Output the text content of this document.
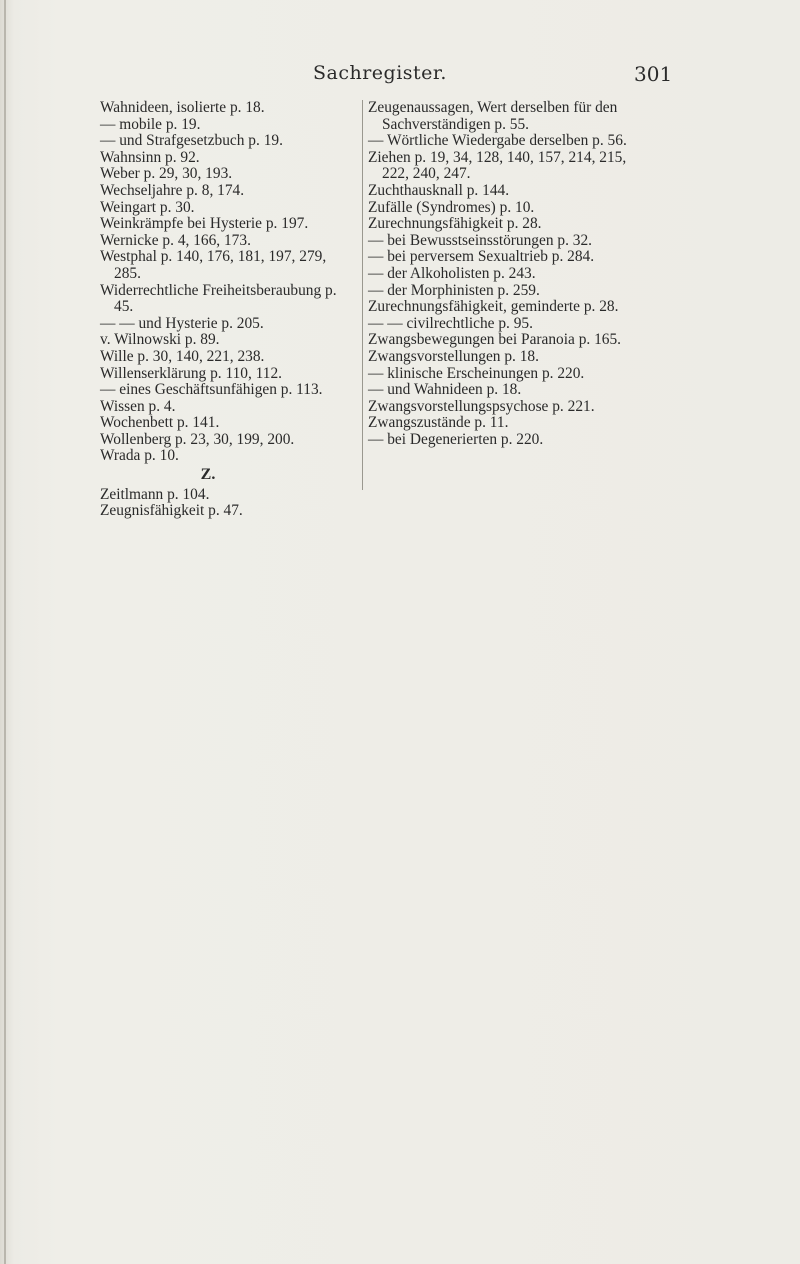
Sachregister.	301

Wahnideen, isolierte p. 18.

— mobile p. 19.

— und Strafgesetzbuch p. 19.

Wahnsinn p. 92.

Weber p. 29, 30, 193.

Wechseljahre p. 8, 174.

Weingart p. 30.

Weinkrämpfe bei Hysterie p. 197.

Wernicke p. 4, 166, 173.

Westphal p. 140, 176, 181, 197, 279, 285.

Widerrechtliche Freiheitsberaubung p. 45.

— — und Hysterie p. 205.

v. Wilnowski p. 89.

Wille p. 30, 140, 221, 238.

Willenserklärung p. 110, 112.

— eines Geschäftsunfähigen p. 113.

Wissen p. 4.

Wochenbett p. 141.

Wollenberg p. 23, 30, 199, 200.

Wrada p. 10.

Z.

Zeitlmann p. 104.

Zeugnisfähigkeit p. 47.

Zeugenaussagen, Wert derselben für den Sachverständigen p. 55.

— Wörtliche Wiedergabe derselben p. 56.

Ziehen p. 19, 34, 128, 140, 157, 214, 215, 222, 240, 247.

Zuchthausknall p. 144.

Zufälle (Syndromes) p. 10.

Zurechnungsfähigkeit p. 28.

— bei Bewusstseinsstörungen p. 32.

— bei perversem Sexualtrieb p. 284.

— der Alkoholisten p. 243.

— der Morphinisten p. 259.

Zurechnungsfähigkeit, geminderte p. 28.

— — civilrechtliche p. 95.

Zwangsbewegungen bei Paranoia p. 165.

Zwangsvorstellungen p. 18.

— klinische Erscheinungen p. 220.

— und Wahnideen p. 18.

Zwangsvorstellungspsychose p. 221.

Zwangszustände p. 11.

— bei Degenerierten p. 220.
